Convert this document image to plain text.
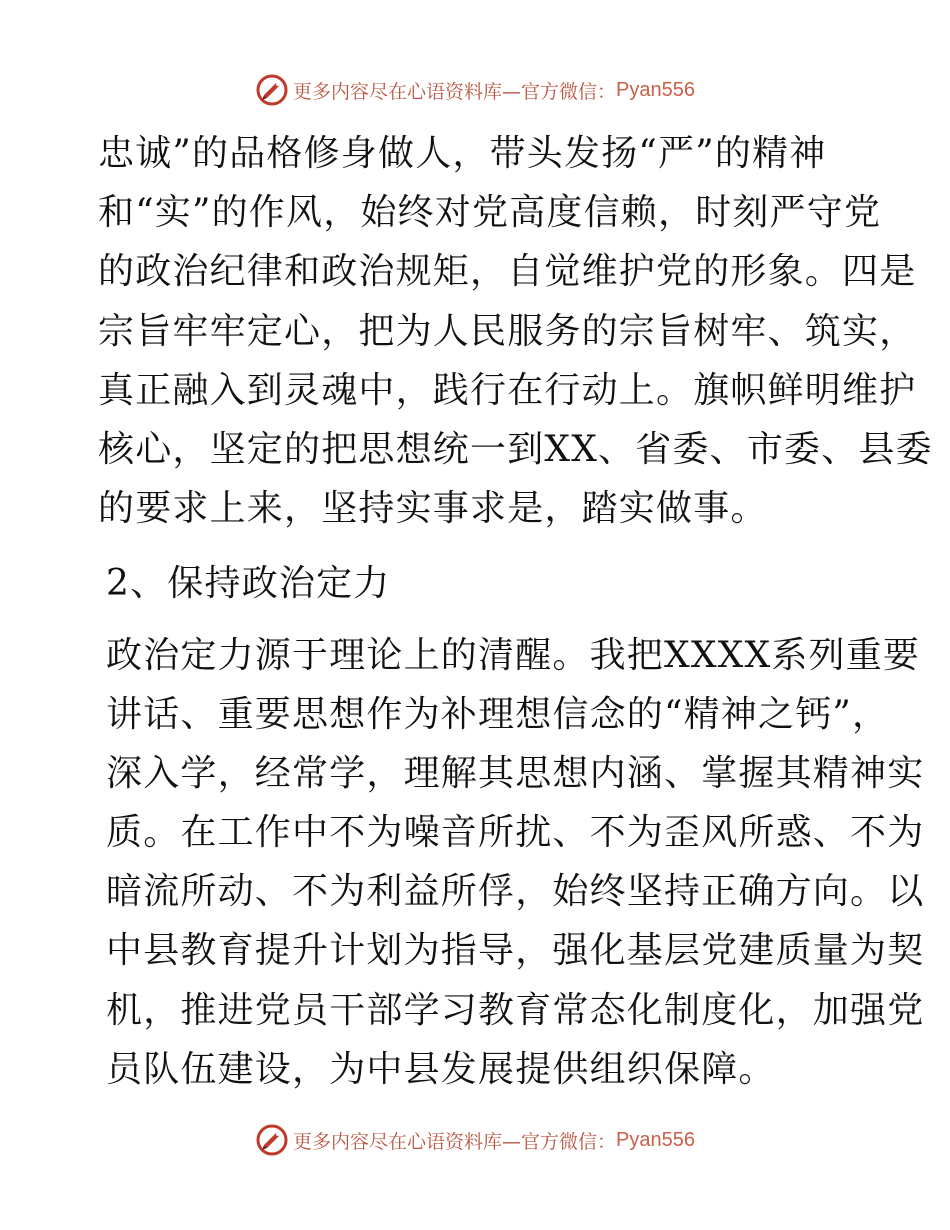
更多内容尽在心语资料库—官方微信： Pyan556
忠诚”的品格修身做人，带头发扬“严”的精神
和“实”的作风，始终对党高度信赖，时刻严守党
的政治纪律和政治规矩，自觉维护党的形象。四是
宗旨牢牢定心，把为人民服务的宗旨树牢、筑实，
真正融入到灵魂中，践行在行动上。旗帜鲜明维护
核心，坚定的把思想统一到XX、省委、市委、县委
的要求上来，坚持实事求是，踏实做事。
2、保持政治定力
政治定力源于理论上的清醒。我把XXXX系列重要
讲话、重要思想作为补理想信念的“精神之钙”，
深入学，经常学，理解其思想内涵、掌握其精神实
质。在工作中不为噪音所扰、不为歪风所惑、不为
暗流所动、不为利益所俘，始终坚持正确方向。以
中县教育提升计划为指导，强化基层党建质量为契
机，推进党员干部学习教育常态化制度化，加强党
员队伍建设，为中县发展提供组织保障。
更多内容尽在心语资料库—官方微信： Pyan556
